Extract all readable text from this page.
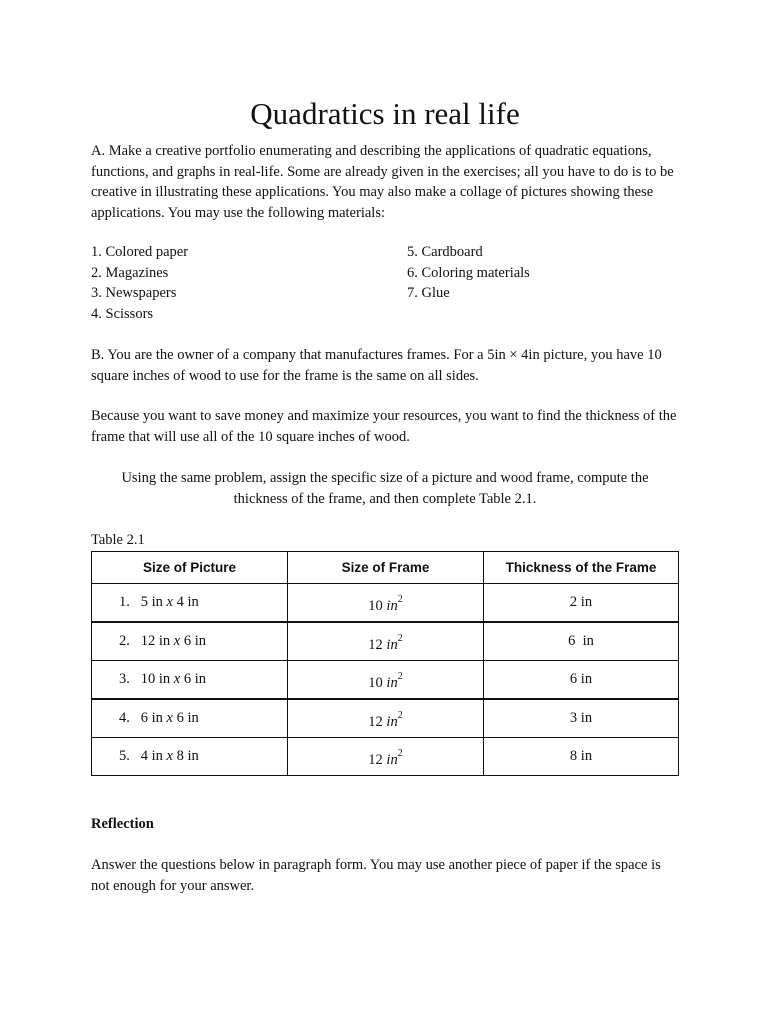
Quadratics in real life

A. Make a creative portfolio enumerating and describing the applications of quadratic equations, functions, and graphs in real-life. Some are already given in the exercises; all you have to do is to be creative in illustrating these applications. You may also make a collage of pictures showing these applications. You may use the following materials:

1. Colored paper
2. Magazines
3. Newspapers
4. Scissors
5. Cardboard
6. Coloring materials
7. Glue

B. You are the owner of a company that manufactures frames. For a 5in × 4in picture, you have 10 square inches of wood to use for the frame is the same on all sides.

Because you want to save money and maximize your resources, you want to find the thickness of the frame that will use all of the 10 square inches of wood.

Using the same problem, assign the specific size of a picture and wood frame, compute the thickness of the frame, and then complete Table 2.1.

Table 2.1
Size of Picture	Size of Frame	Thickness of the Frame
1. 5 in x 4 in	10 $in^2$	2 in
2. 12 in x 6 in	12 $in^2$	6  in
3. 10 in x 6 in	10 $in^2$	6 in
4. 6 in x 6 in	12 $in^2$	3 in
5. 4 in x 8 in	12 $in^2$	8 in
Reflection

Answer the questions below in paragraph form. You may use another piece of paper if the space is not enough for your answer.
